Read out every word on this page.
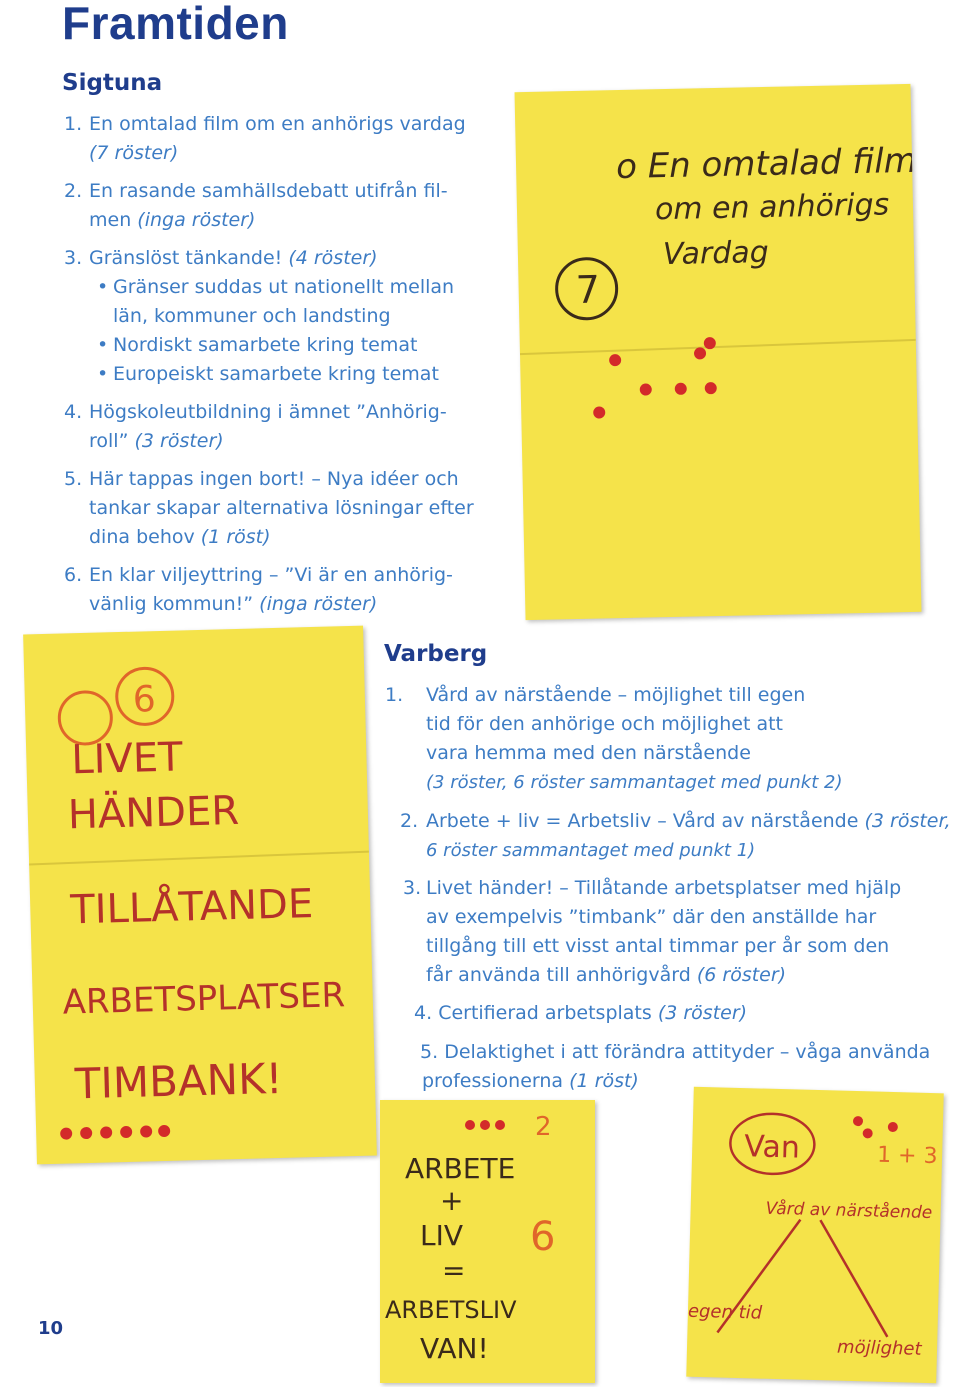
Framtiden
Sigtuna
1. En omtalad film om en anhörigs vardag
(7 röster)
2. En rasande samhällsdebatt utifrån fil-
men (inga röster)
3. Gränslöst tänkande! (4 röster)
• Gränser suddas ut nationellt mellan
län, kommuner och landsting
• Nordiskt samarbete kring temat
• Europeiskt samarbete kring temat
4. Högskoleutbildning i ämnet ”Anhörig-
roll” (3 röster)
5. Här tappas ingen bort! – Nya idéer och
tankar skapar alternativa lösningar efter
dina behov (1 röst)
6. En klar viljeyttring – ”Vi är en anhörig-
vänlig kommun!” (inga röster)
o En omtalad film
om en anhörigs
Vardag
7
Varberg
1. Vård av närstående – möjlighet till egen
tid för den anhörige och möjlighet att
vara hemma med den närstående
(3 röster, 6 röster sammantaget med punkt 2)
2. Arbete + liv = Arbetsliv – Vård av närstående (3 röster,
6 röster sammantaget med punkt 1)
3. Livet händer! – Tillåtande arbetsplatser med hjälp
av exempelvis ”timbank” där den anställde har
tillgång till ett visst antal timmar per år som den
får använda till anhörigvård (6 röster)
4. Certifierad arbetsplats (3 röster)
5. Delaktighet i att förändra attityder – våga använda
professionerna (1 röst)
6
LIVET
HÄNDER
TILLÅTANDE
ARBETSPLATSER
TIMBANK!
2
ARBETE
+
LIV
=
ARBETSLIV
VAN!
6
Van
Vård av närstående
1 + 3
egen tid
möjlighet
10
